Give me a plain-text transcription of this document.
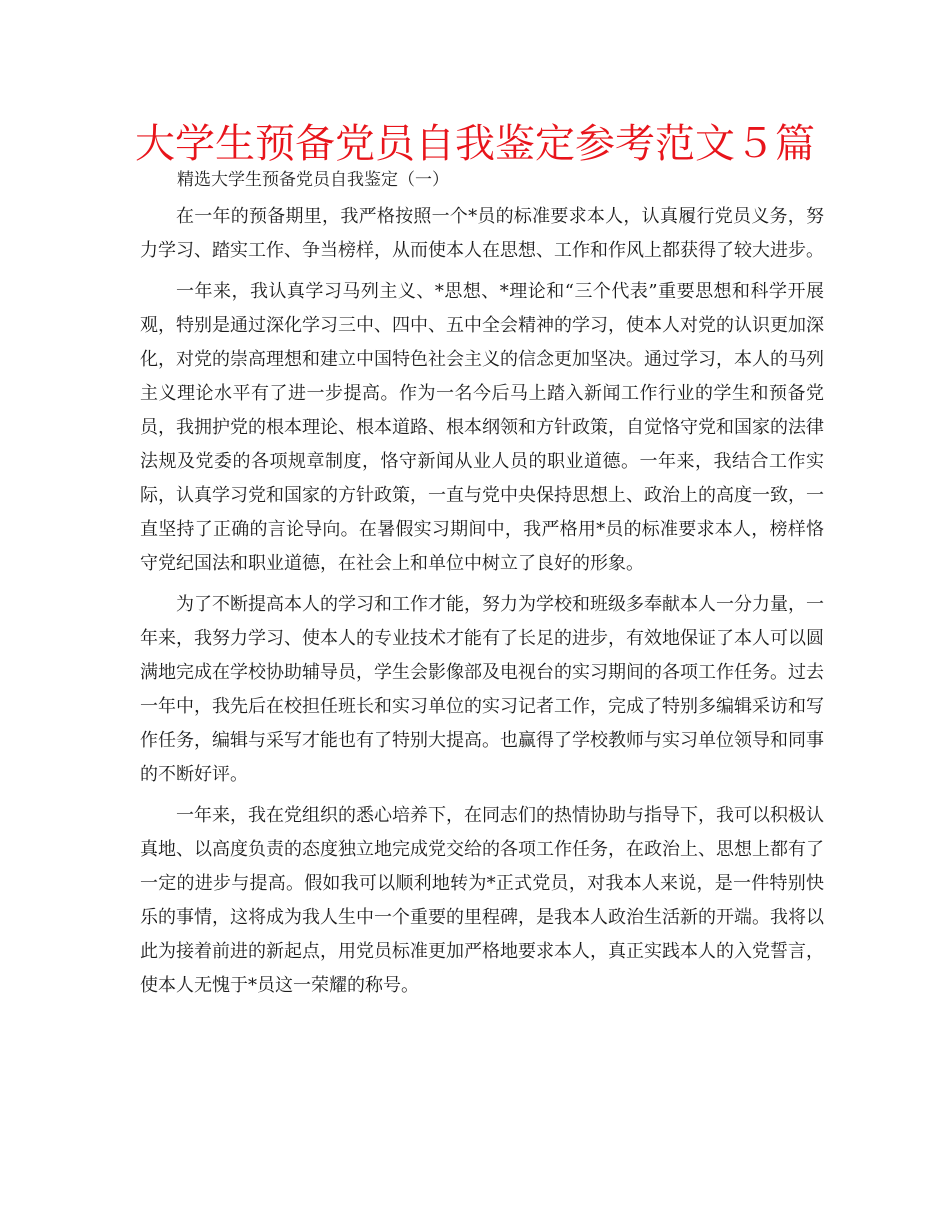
大学生预备党员自我鉴定参考范文５篇
精选大学生预备党员自我鉴定（一）

在一年的预备期里，我严格按照一个*员的标准要求本人，认真履行党员义务，努力学习、踏实工作、争当榜样，从而使本人在思想、工作和作风上都获得了较大进步。

一年来，我认真学习马列主义、*思想、*理论和“三个代表”重要思想和科学开展观，特别是通过深化学习三中、四中、五中全会精神的学习，使本人对党的认识更加深化，对党的崇高理想和建立中国特色社会主义的信念更加坚决。通过学习，本人的马列主义理论水平有了进一步提高。作为一名今后马上踏入新闻工作行业的学生和预备党员，我拥护党的根本理论、根本道路、根本纲领和方针政策，自觉恪守党和国家的法律法规及党委的各项规章制度，恪守新闻从业人员的职业道德。一年来，我结合工作实际，认真学习党和国家的方针政策，一直与党中央保持思想上、政治上的高度一致，一直坚持了正确的言论导向。在暑假实习期间中，我严格用*员的标准要求本人，榜样恪守党纪国法和职业道德，在社会上和单位中树立了良好的形象。

为了不断提高本人的学习和工作才能，努力为学校和班级多奉献本人一分力量，一年来，我努力学习、使本人的专业技术才能有了长足的进步，有效地保证了本人可以圆满地完成在学校协助辅导员，学生会影像部及电视台的实习期间的各项工作任务。过去一年中，我先后在校担任班长和实习单位的实习记者工作，完成了特别多编辑采访和写作任务，编辑与采写才能也有了特别大提高。也赢得了学校教师与实习单位领导和同事的不断好评。

一年来，我在党组织的悉心培养下，在同志们的热情协助与指导下，我可以积极认真地、以高度负责的态度独立地完成党交给的各项工作任务，在政治上、思想上都有了一定的进步与提高。假如我可以顺利地转为*正式党员，对我本人来说，是一件特别快乐的事情，这将成为我人生中一个重要的里程碑，是我本人政治生活新的开端。我将以此为接着前进的新起点，用党员标准更加严格地要求本人，真正实践本人的入党誓言，使本人无愧于*员这一荣耀的称号。
